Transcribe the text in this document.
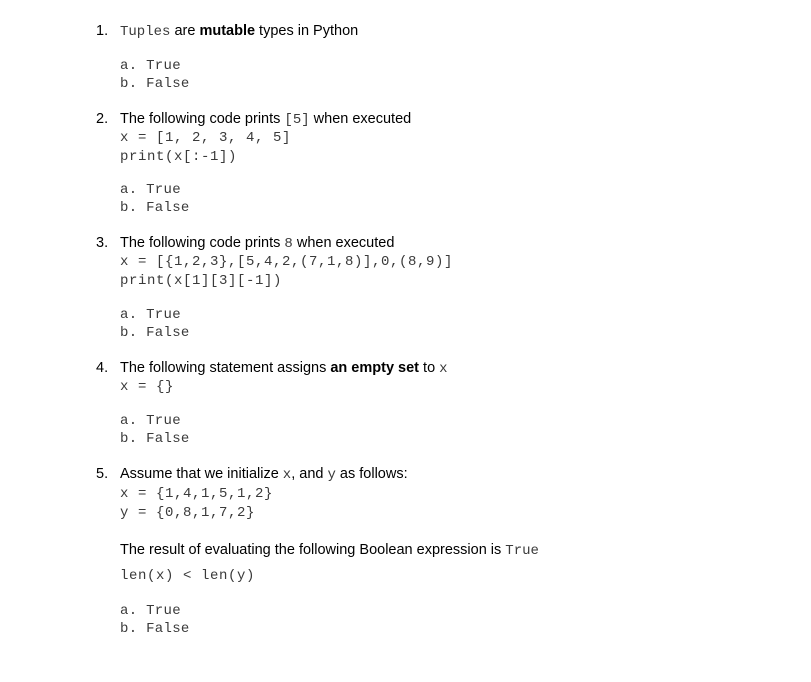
1. Tuples are mutable types in Python
a. True
b. False
2. The following code prints [5] when executed
x = [1, 2, 3, 4, 5]
print(x[:-1])
a. True
b. False
3. The following code prints 8 when executed
x = [{1,2,3},[5,4,2,(7,1,8)],0,(8,9)]
print(x[1][3][-1])
a. True
b. False
4. The following statement assigns an empty set to x
x = {}
a. True
b. False
5. Assume that we initialize x, and y as follows:
x = {1,4,1,5,1,2}
y = {0,8,1,7,2}
The result of evaluating the following Boolean expression is True
len(x) < len(y)
a. True
b. False
